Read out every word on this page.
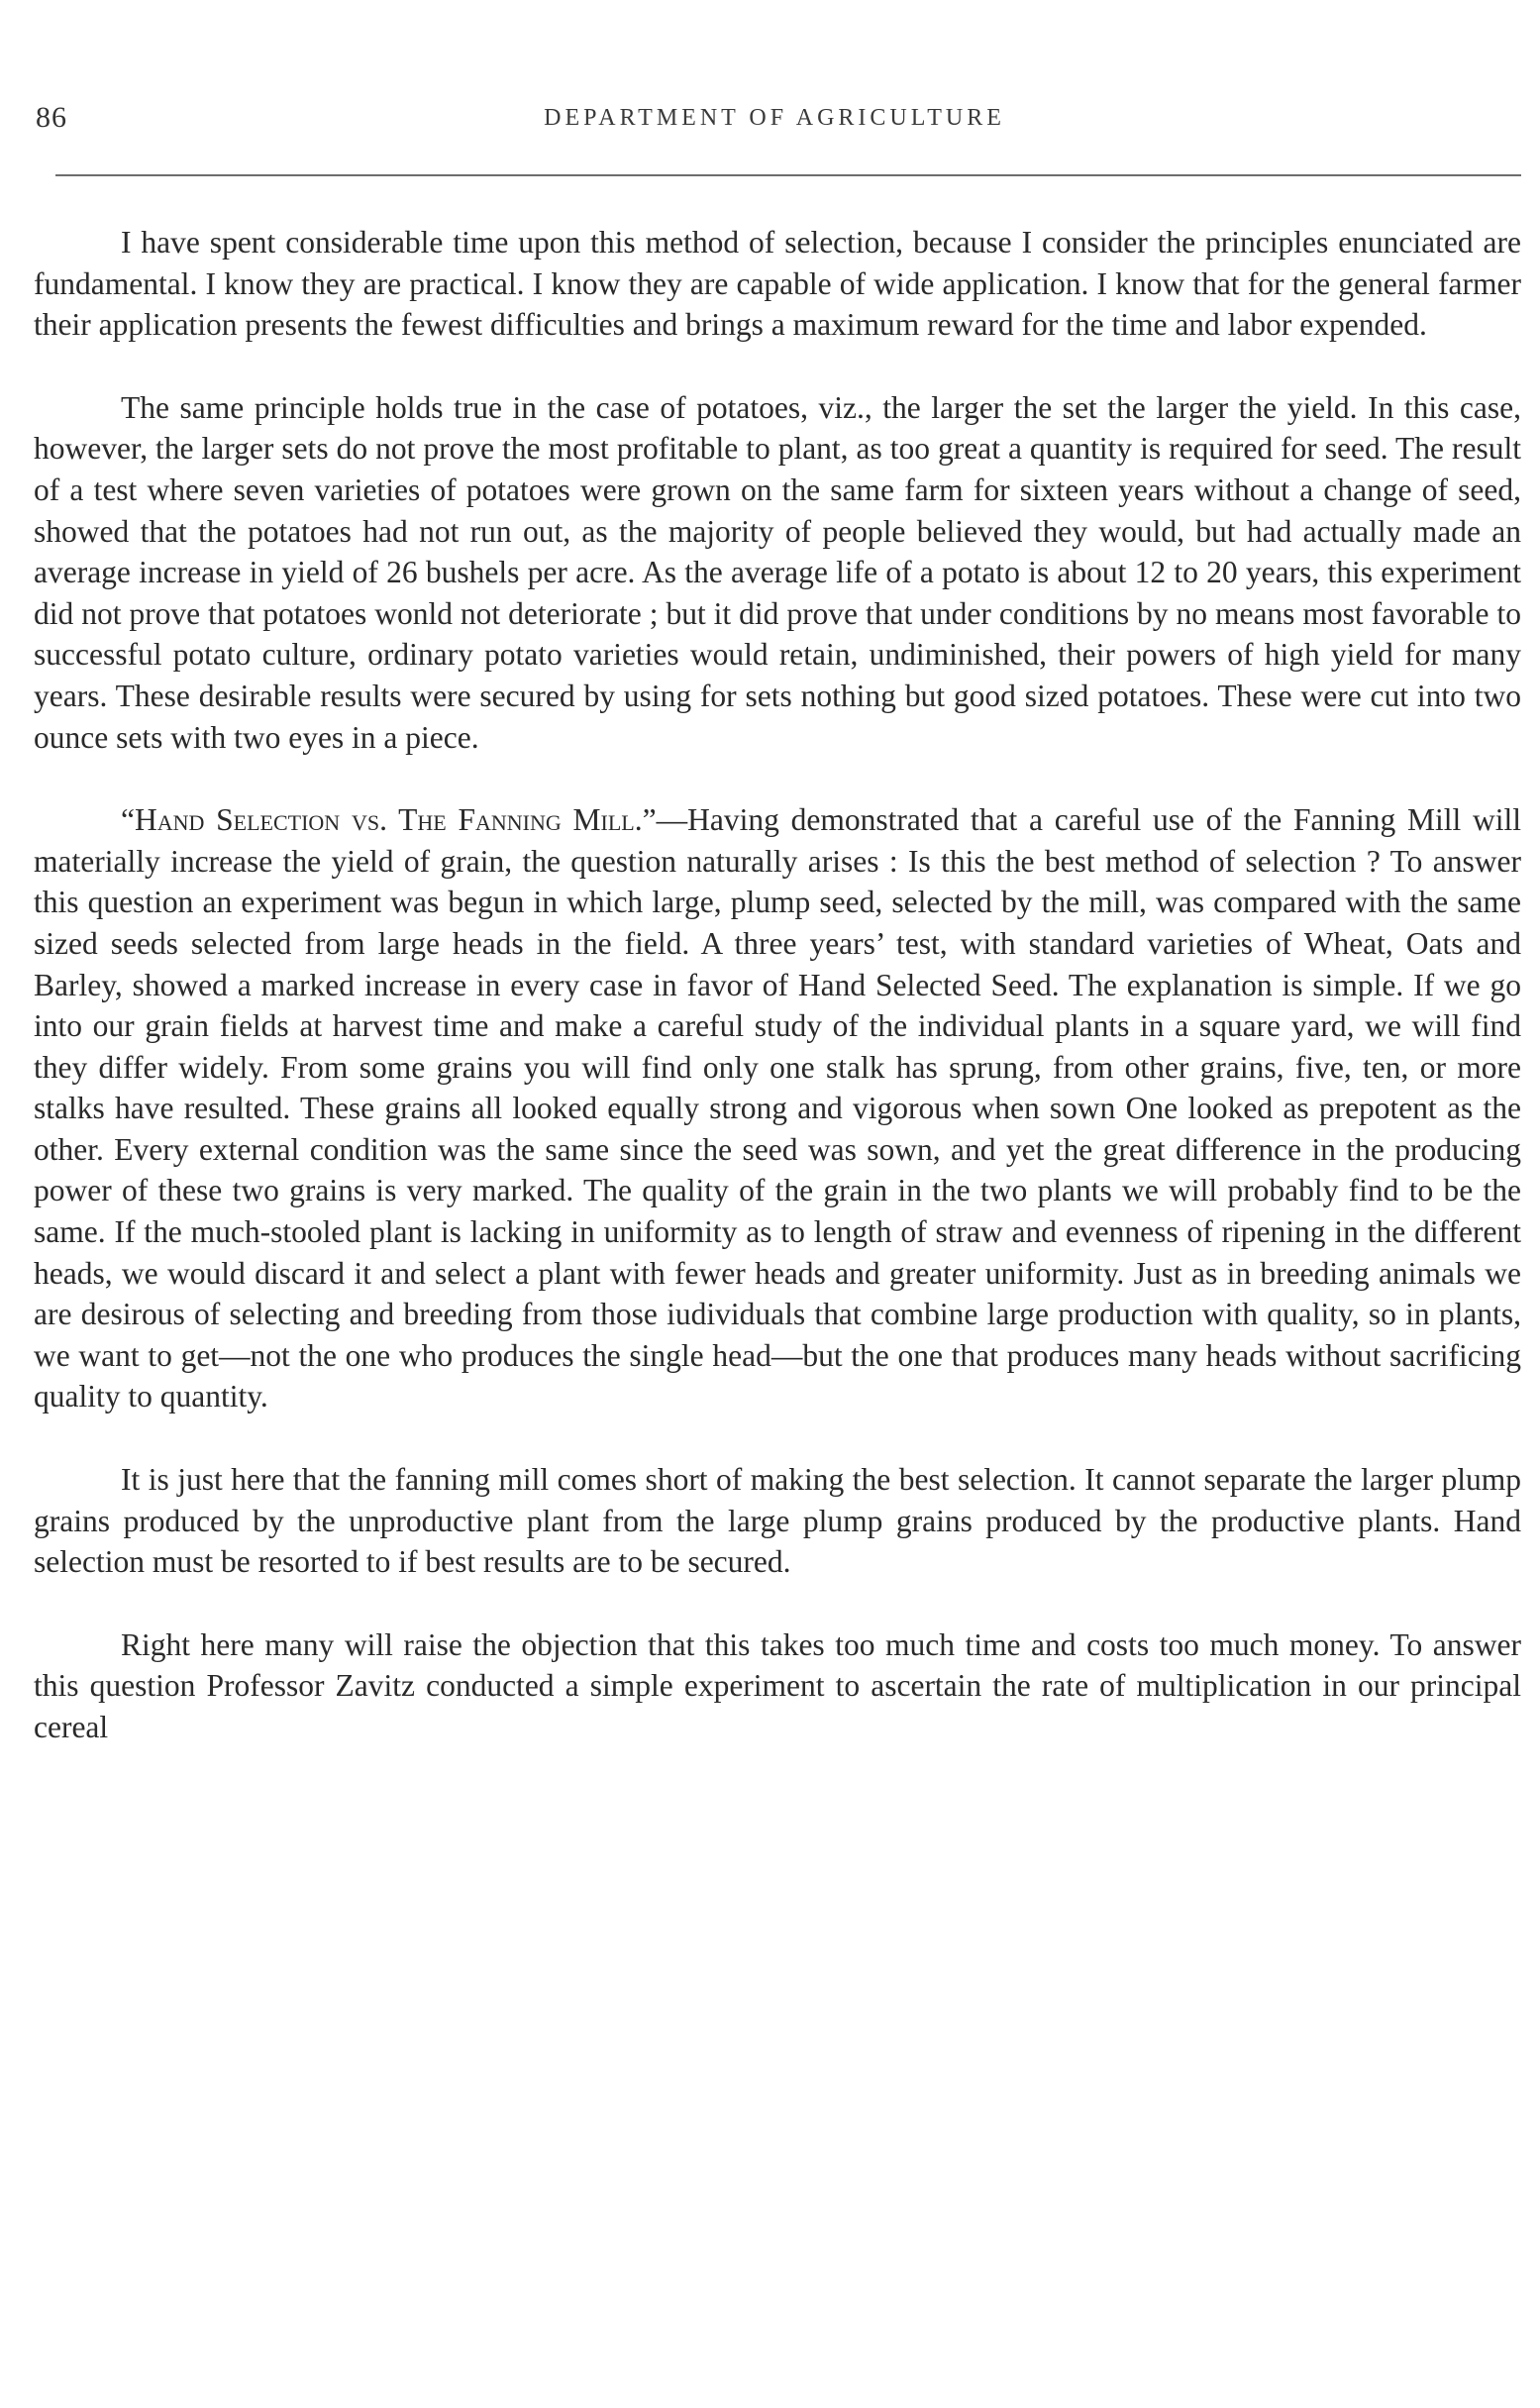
86	DEPARTMENT OF AGRICULTURE

I have spent considerable time upon this method of selection, because I consider the principles enunciated are fundamental. I know they are practical. I know they are capable of wide application. I know that for the general farmer their application presents the fewest difficulties and brings a maximum reward for the time and labor expended.

The same principle holds true in the case of potatoes, viz., the larger the set the larger the yield. In this case, however, the larger sets do not prove the most profitable to plant, as too great a quantity is required for seed. The result of a test where seven varieties of potatoes were grown on the same farm for sixteen years without a change of seed, showed that the potatoes had not run out, as the majority of people believed they would, but had actually made an average increase in yield of 26 bushels per acre. As the average life of a potato is about 12 to 20 years, this experiment did not prove that potatoes wonld not deteriorate ; but it did prove that under conditions by no means most favorable to successful potato culture, ordinary potato varieties would retain, undiminished, their powers of high yield for many years. These desirable results were secured by using for sets nothing but good sized potatoes. These were cut into two ounce sets with two eyes in a piece.

“Hand Selection vs. The Fanning Mill.”—Having demonstrated that a careful use of the Fanning Mill will materially increase the yield of grain, the question naturally arises : Is this the best method of selection ? To answer this question an experiment was begun in which large, plump seed, selected by the mill, was compared with the same sized seeds selected from large heads in the field. A three years’ test, with standard varieties of Wheat, Oats and Barley, showed a marked increase in every case in favor of Hand Selected Seed. The explanation is simple. If we go into our grain fields at harvest time and make a careful study of the individual plants in a square yard, we will find they differ widely. From some grains you will find only one stalk has sprung, from other grains, five, ten, or more stalks have resulted. These grains all looked equally strong and vigorous when sown One looked as prepotent as the other. Every external condition was the same since the seed was sown, and yet the great difference in the producing power of these two grains is very marked. The quality of the grain in the two plants we will probably find to be the same. If the much-stooled plant is lacking in uniformity as to length of straw and evenness of ripening in the different heads, we would discard it and select a plant with fewer heads and greater uniformity. Just as in breeding animals we are desirous of selecting and breeding from those iudividuals that combine large production with quality, so in plants, we want to get—not the one who produces the single head—but the one that produces many heads without sacrificing quality to quantity.

It is just here that the fanning mill comes short of making the best selection. It cannot separate the larger plump grains produced by the unproductive plant from the large plump grains produced by the productive plants. Hand selection must be resorted to if best results are to be secured.

Right here many will raise the objection that this takes too much time and costs too much money. To answer this question Professor Zavitz conducted a simple experiment to ascertain the rate of multiplication in our principal cereal
